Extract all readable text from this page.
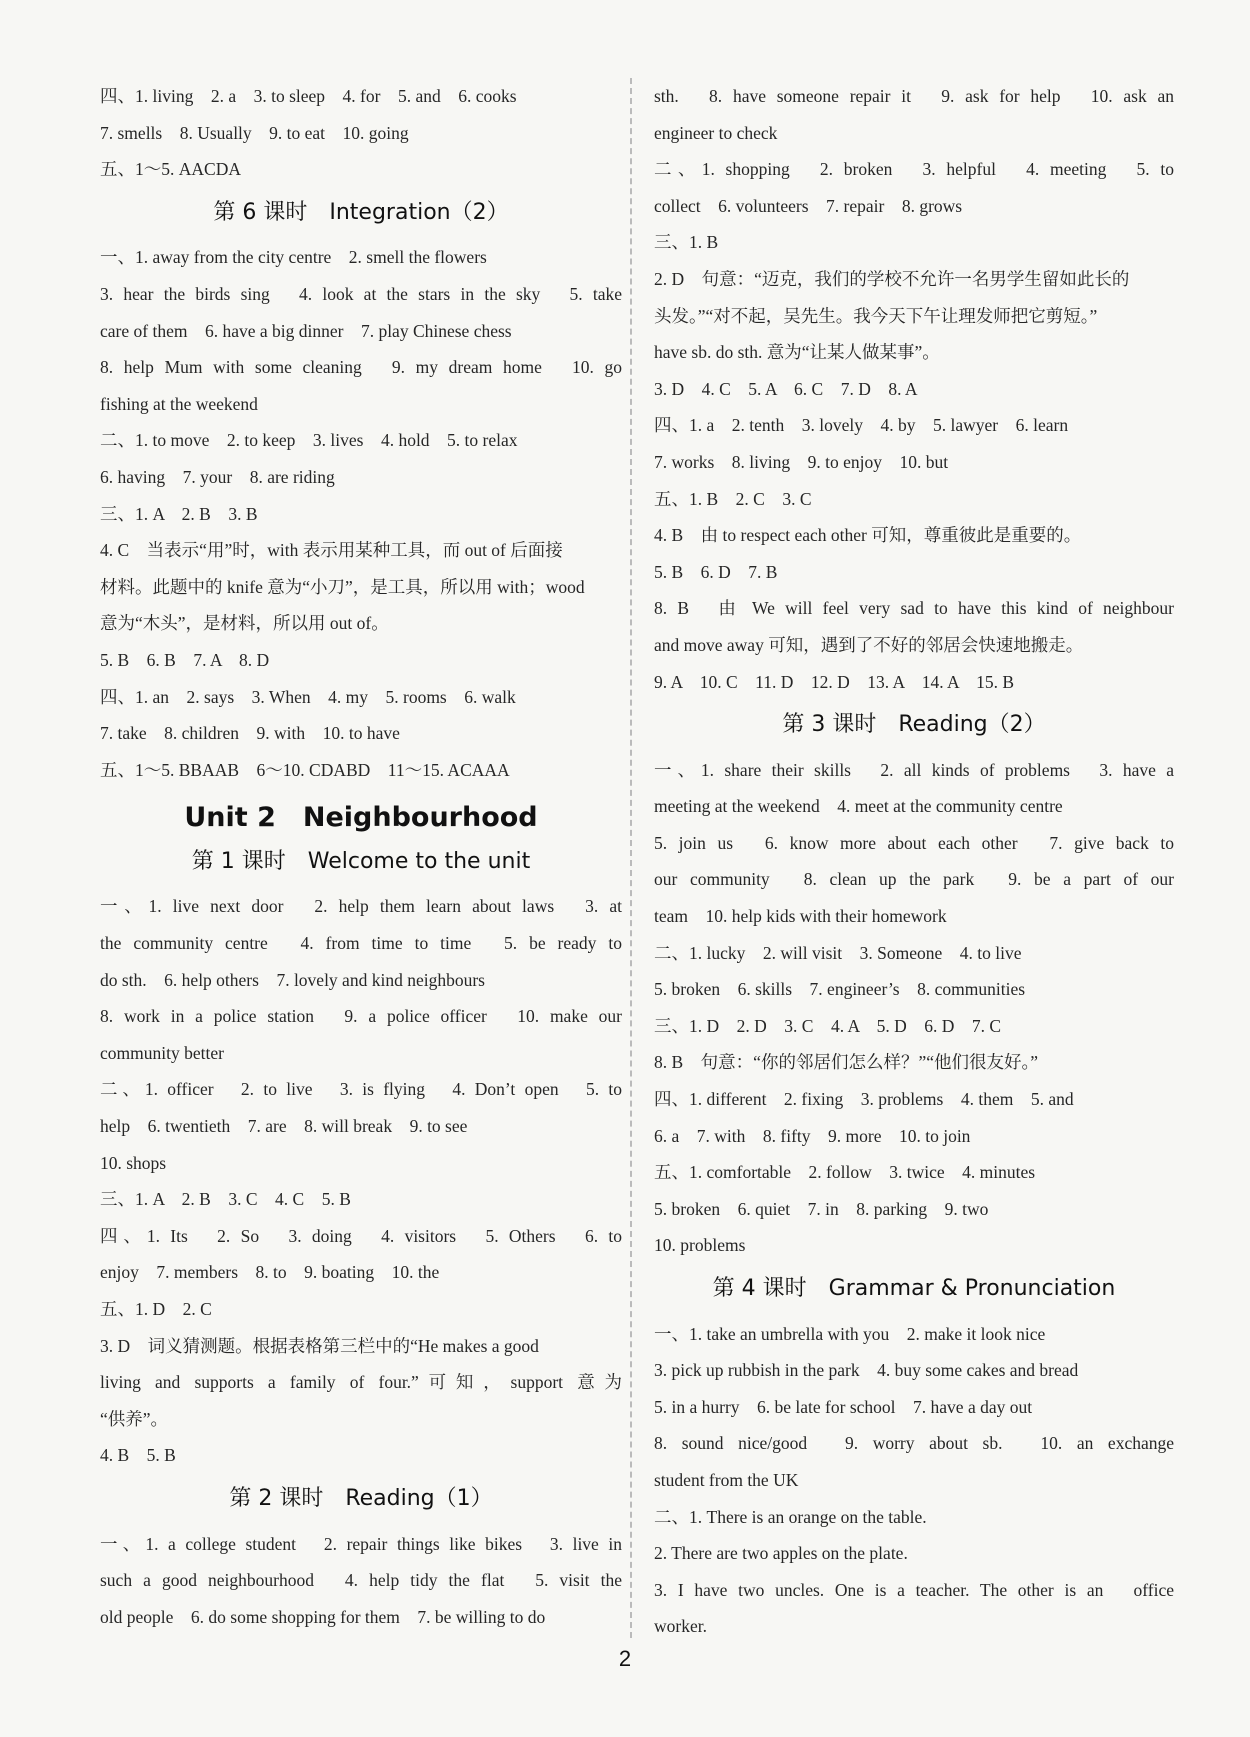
四、1. living　2. a　3. to sleep　4. for　5. and　6. cooks
7. smells　8. Usually　9. to eat　10. going
五、1～5. AACDA
第 6 课时　Integration（2）
一、1. away from the city centre　2. smell the flowers
3. hear the birds sing　4. look at the stars in the sky　5. take
care of them　6. have a big dinner　7. play Chinese chess
8. help Mum with some cleaning　9. my dream home　10. go
fishing at the weekend
二、1. to move　2. to keep　3. lives　4. hold　5. to relax
6. having　7. your　8. are riding
三、1. A　2. B　3. B
4. C　当表示“用”时，with 表示用某种工具，而 out of 后面接
材料。此题中的 knife 意为“小刀”，是工具，所以用 with；wood
意为“木头”，是材料，所以用 out of。
5. B　6. B　7. A　8. D
四、1. an　2. says　3. When　4. my　5. rooms　6. walk
7. take　8. children　9. with　10. to have
五、1～5. BBAAB　6～10. CDABD　11～15. ACAAA
Unit 2　Neighbourhood
第 1 课时　Welcome to the unit
一、1. live next door　2. help them learn about laws　3. at
the community centre　4. from time to time　5. be ready to
do sth.　6. help others　7. lovely and kind neighbours
8. work in a police station　9. a police officer　10. make our
community better
二、1. officer　2. to live　3. is flying　4. Don’t open　5. to
help　6. twentieth　7. are　8. will break　9. to see
10. shops
三、1. A　2. B　3. C　4. C　5. B
四、1. Its　2. So　3. doing　4. visitors　5. Others　6. to
enjoy　7. members　8. to　9. boating　10. the
五、1. D　2. C
3. D　词义猜测题。根据表格第三栏中的“He makes a good
living and supports a family of four.”可知，support 意为
“供养”。
4. B　5. B
第 2 课时　Reading（1）
一、1. a college student　2. repair things like bikes　3. live in
such a good neighbourhood　4. help tidy the flat　5. visit the
old people　6. do some shopping for them　7. be willing to do
sth.　8. have someone repair it　9. ask for help　10. ask an
engineer to check
二、1. shopping　2. broken　3. helpful　4. meeting　5. to
collect　6. volunteers　7. repair　8. grows
三、1. B
2. D　句意：“迈克，我们的学校不允许一名男学生留如此长的
头发。”“对不起，吴先生。我今天下午让理发师把它剪短。”
have sb. do sth. 意为“让某人做某事”。
3. D　4. C　5. A　6. C　7. D　8. A
四、1. a　2. tenth　3. lovely　4. by　5. lawyer　6. learn
7. works　8. living　9. to enjoy　10. but
五、1. B　2. C　3. C
4. B　由 to respect each other 可知，尊重彼此是重要的。
5. B　6. D　7. B
8. B　由 We will feel very sad to have this kind of neighbour
and move away 可知，遇到了不好的邻居会快速地搬走。
9. A　10. C　11. D　12. D　13. A　14. A　15. B
第 3 课时　Reading（2）
一、1. share their skills　2. all kinds of problems　3. have a
meeting at the weekend　4. meet at the community centre
5. join us　6. know more about each other　7. give back to
our community　8. clean up the park　9. be a part of our
team　10. help kids with their homework
二、1. lucky　2. will visit　3. Someone　4. to live
5. broken　6. skills　7. engineer’s　8. communities
三、1. D　2. D　3. C　4. A　5. D　6. D　7. C
8. B　句意：“你的邻居们怎么样？”“他们很友好。”
四、1. different　2. fixing　3. problems　4. them　5. and
6. a　7. with　8. fifty　9. more　10. to join
五、1. comfortable　2. follow　3. twice　4. minutes
5. broken　6. quiet　7. in　8. parking　9. two
10. problems
第 4 课时　Grammar & Pronunciation
一、1. take an umbrella with you　2. make it look nice
3. pick up rubbish in the park　4. buy some cakes and bread
5. in a hurry　6. be late for school　7. have a day out
8. sound nice/good　9. worry about sb.　10. an exchange
student from the UK
二、1. There is an orange on the table.
2. There are two apples on the plate.
3. I have two uncles. One is a teacher. The other is an　office
worker.
2
